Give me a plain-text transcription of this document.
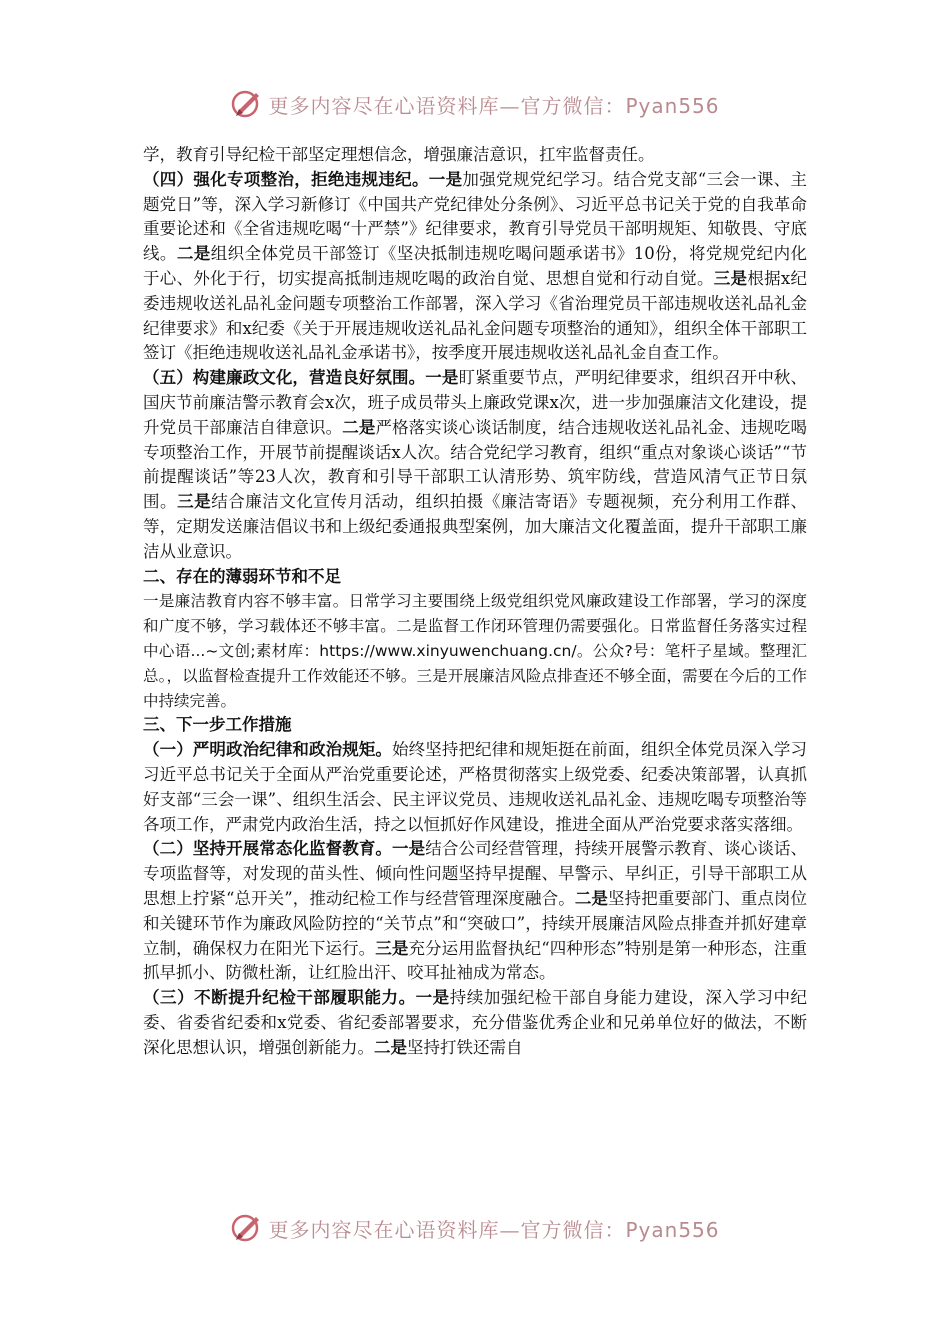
更多内容尽在心语资料库—官方微信：Pyan556

学，教育引导纪检干部坚定理想信念，增强廉洁意识，扛牢监督责任。

（四）强化专项整治，拒绝违规违纪。一是加强党规党纪学习。结合党支部“三会一课、主题党日”等，深入学习新修订《中国共产党纪律处分条例》、习近平总书记关于党的自我革命重要论述和《全省违规吃喝“十严禁”》纪律要求，教育引导党员干部明规矩、知敬畏、守底线。二是组织全体党员干部签订《坚决抵制违规吃喝问题承诺书》10份，将党规党纪内化于心、外化于行，切实提高抵制违规吃喝的政治自觉、思想自觉和行动自觉。三是根据x纪委违规收送礼品礼金问题专项整治工作部署，深入学习《省治理党员干部违规收送礼品礼金纪律要求》和x纪委《关于开展违规收送礼品礼金问题专项整治的通知》，组织全体干部职工签订《拒绝违规收送礼品礼金承诺书》，按季度开展违规收送礼品礼金自查工作。

（五）构建廉政文化，营造良好氛围。一是盯紧重要节点，严明纪律要求，组织召开中秋、国庆节前廉洁警示教育会x次，班子成员带头上廉政党课x次，进一步加强廉洁文化建设，提升党员干部廉洁自律意识。二是严格落实谈心谈话制度，结合违规收送礼品礼金、违规吃喝专项整治工作，开展节前提醒谈话x人次。结合党纪学习教育，组织“重点对象谈心谈话”“节前提醒谈话”等23人次，教育和引导干部职工认清形势、筑牢防线，营造风清气正节日氛围。三是结合廉洁文化宣传月活动，组织拍摄《廉洁寄语》专题视频，充分利用工作群、等，定期发送廉洁倡议书和上级纪委通报典型案例，加大廉洁文化覆盖面，提升干部职工廉洁从业意识。

二、存在的薄弱环节和不足

一是廉洁教育内容不够丰富。日常学习主要围绕上级党组织党风廉政建设工作部署，学习的深度和广度不够，学习载体还不够丰富。二是监督工作闭环管理仍需要强化。日常监督任务落实过程中心语...~文创;素材库：https://www.xinyuwenchuang.cn/。公众?号：笔杆子星域。整理汇总。，以监督检查提升工作效能还不够。三是开展廉洁风险点排查还不够全面，需要在今后的工作中持续完善。

三、下一步工作措施

（一）严明政治纪律和政治规矩。始终坚持把纪律和规矩挺在前面，组织全体党员深入学习习近平总书记关于全面从严治党重要论述，严格贯彻落实上级党委、纪委决策部署，认真抓好支部“三会一课”、组织生活会、民主评议党员、违规收送礼品礼金、违规吃喝专项整治等各项工作，严肃党内政治生活，持之以恒抓好作风建设，推进全面从严治党要求落实落细。

（二）坚持开展常态化监督教育。一是结合公司经营管理，持续开展警示教育、谈心谈话、专项监督等，对发现的苗头性、倾向性问题坚持早提醒、早警示、早纠正，引导干部职工从思想上拧紧“总开关”，推动纪检工作与经营管理深度融合。二是坚持把重要部门、重点岗位和关键环节作为廉政风险防控的“关节点”和“突破口”，持续开展廉洁风险点排查并抓好建章立制，确保权力在阳光下运行。三是充分运用监督执纪“四种形态”特别是第一种形态，注重抓早抓小、防微杜渐，让红脸出汗、咬耳扯袖成为常态。

（三）不断提升纪检干部履职能力。一是持续加强纪检干部自身能力建设，深入学习中纪委、省委省纪委和x党委、省纪委部署要求，充分借鉴优秀企业和兄弟单位好的做法，不断深化思想认识，增强创新能力。二是坚持打铁还需自

更多内容尽在心语资料库—官方微信：Pyan556
